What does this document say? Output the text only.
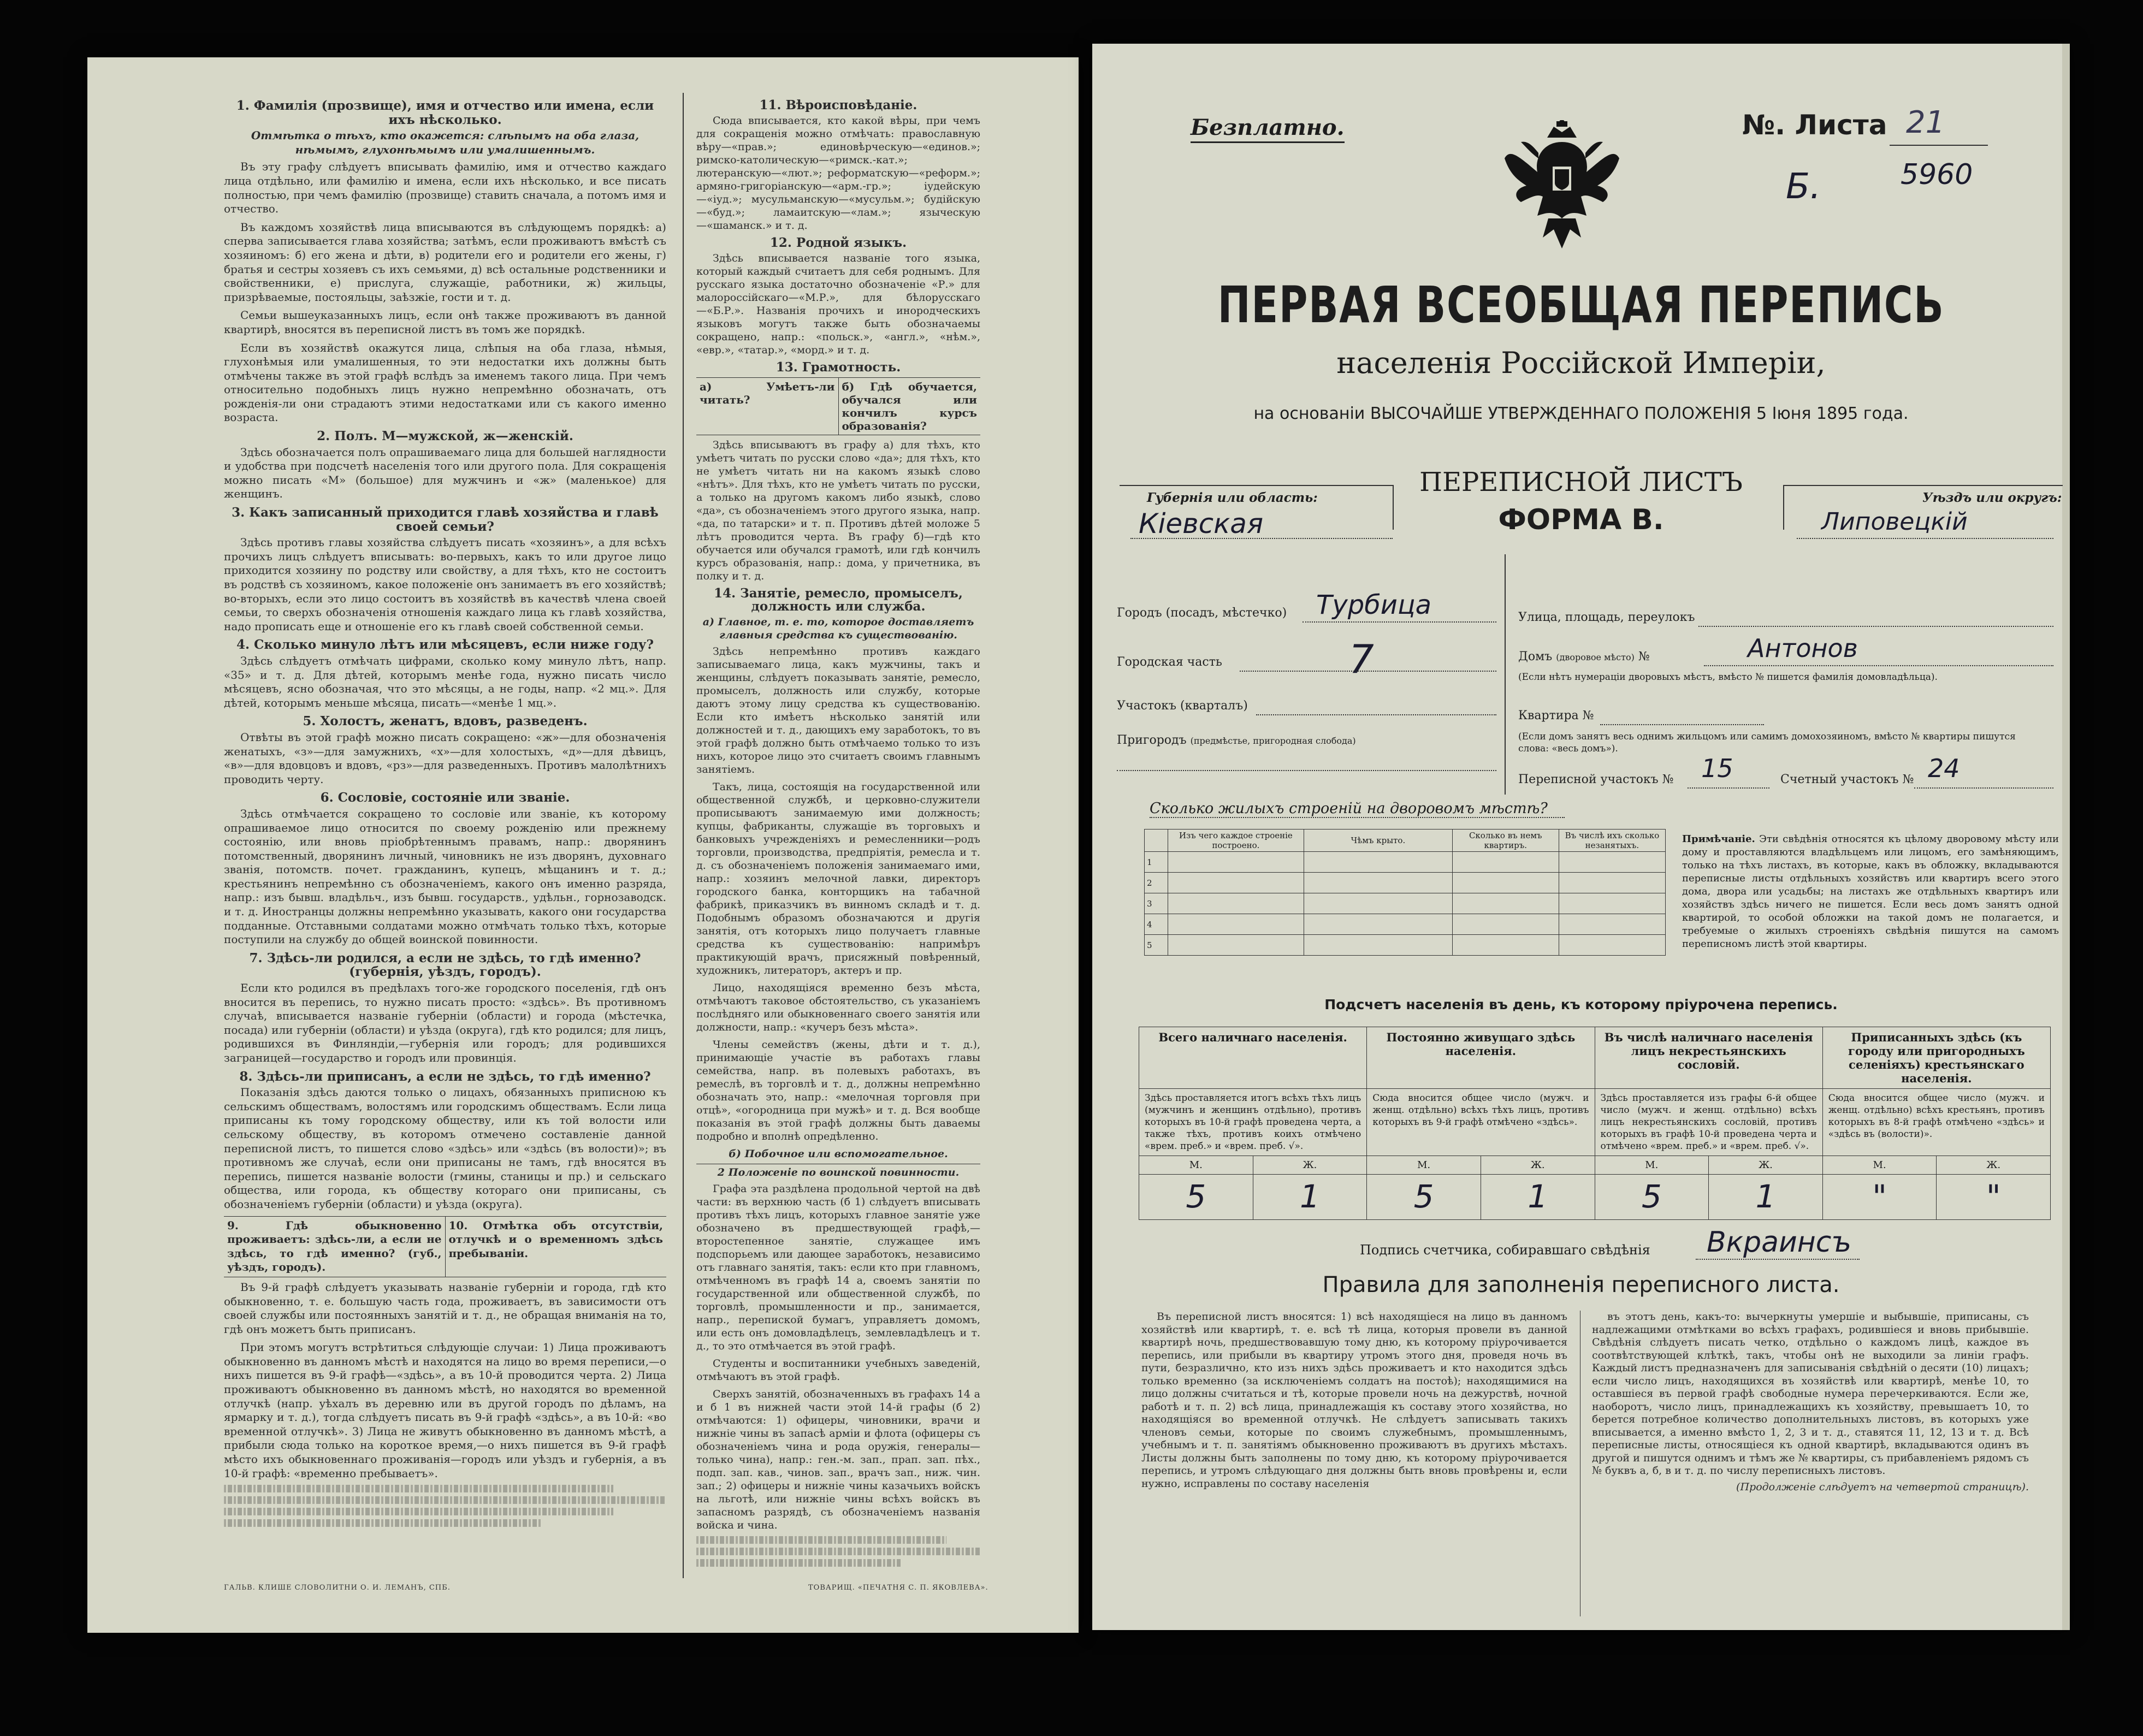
1. Фамилія (прозвище), имя и отчество или имена, если ихъ нѣсколько.
Отмѣтка о тѣхъ, кто окажется: слѣпымъ на оба глаза, нѣмымъ, глухонѣмымъ или умалишеннымъ.

Въ эту графу слѣдуетъ вписывать фамилію, имя и отчество каждаго лица отдѣльно, или фамилію и имена, если ихъ нѣсколько, и все писать полностью, при чемъ фамилію (прозвище) ставить сначала, а потомъ имя и отчество.

Въ каждомъ хозяйствѣ лица вписываются въ слѣдующемъ порядкѣ: а) сперва записывается глава хозяйства; затѣмъ, если проживаютъ вмѣстѣ съ хозяиномъ: б) его жена и дѣти, в) родители его и родители его жены, г) братья и сестры хозяевъ съ ихъ семьями, д) всѣ остальные родственники и свойственники, е) прислуга, служащіе, работники, ж) жильцы, призрѣваемые, постояльцы, заѣзжіе, гости и т. д.

Семьи вышеуказанныхъ лицъ, если онѣ также проживаютъ въ данной квартирѣ, вносятся въ переписной листъ въ томъ же порядкѣ.

Если въ хозяйствѣ окажутся лица, слѣпыя на оба глаза, нѣмыя, глухонѣмыя или умалишенныя, то эти недостатки ихъ должны быть отмѣчены также въ этой графѣ вслѣдъ за именемъ такого лица. При чемъ относительно подобныхъ лицъ нужно непремѣнно обозначать, отъ рожденія-ли они страдаютъ этими недостатками или съ какого именно возраста.

2. Полъ. М—мужской, ж—женскій.

Здѣсь обозначается полъ опрашиваемаго лица для большей наглядности и удобства при подсчетѣ населенія того или другого пола. Для сокращенія можно писать «М» (большое) для мужчинъ и «ж» (маленькое) для женщинъ.

3. Какъ записанный приходится главѣ хозяйства и главѣ своей семьи?

Здѣсь противъ главы хозяйства слѣдуетъ писать «хозяинъ», а для всѣхъ прочихъ лицъ слѣдуетъ вписывать: во-первыхъ, какъ то или другое лицо приходится хозяину по родству или свойству, а для тѣхъ, кто не состоитъ въ родствѣ съ хозяиномъ, какое положеніе онъ занимаетъ въ его хозяйствѣ; во-вторыхъ, если это лицо состоитъ въ хозяйствѣ въ качествѣ члена своей семьи, то сверхъ обозначенія отношенія каждаго лица къ главѣ хозяйства, надо прописать еще и отношеніе его къ главѣ своей собственной семьи.

4. Сколько минуло лѣтъ или мѣсяцевъ, если ниже году?

Здѣсь слѣдуетъ отмѣчать цифрами, сколько кому минуло лѣтъ, напр. «35» и т. д. Для дѣтей, которымъ менѣе года, нужно писать число мѣсяцевъ, ясно обозначая, что это мѣсяцы, а не годы, напр. «2 мц.». Для дѣтей, которымъ меньше мѣсяца, писать—«менѣе 1 мц.».

5. Холостъ, женатъ, вдовъ, разведенъ.

Отвѣты въ этой графѣ можно писать сокращено: «ж»—для обозначенія женатыхъ, «з»—для замужнихъ, «х»—для холостыхъ, «д»—для дѣвицъ, «в»—для вдовцовъ и вдовъ, «рз»—для разведенныхъ. Противъ малолѣтнихъ проводить черту.

6. Сословіе, состояніе или званіе.

Здѣсь отмѣчается сокращено то сословіе или званіе, къ которому опрашиваемое лицо относится по своему рожденію или прежнему состоянію, или вновь пріобрѣтеннымъ правамъ, напр.: дворянинъ потомственный, дворянинъ личный, чиновникъ не изъ дворянъ, духовнаго званія, потомств. почет. гражданинъ, купецъ, мѣщанинъ и т. д.; крестьянинъ непремѣнно съ обозначеніемъ, какого онъ именно разряда, напр.: изъ бывш. владѣльч., изъ бывш. государств., удѣльн., горнозаводск. и т. д. Иностранцы должны непремѣнно указывать, какого они государства подданные. Отставными солдатами можно отмѣчать только тѣхъ, которые поступили на службу до общей воинской повинности.

7. Здѣсь-ли родился, а если не здѣсь, то гдѣ именно? (губернія, уѣздъ, городъ).

Если кто родился въ предѣлахъ того-же городского поселенія, гдѣ онъ вносится въ перепись, то нужно писать просто: «здѣсь». Въ противномъ случаѣ, вписывается названіе губерніи (области) и города (мѣстечка, посада) или губерніи (области) и уѣзда (округа), гдѣ кто родился; для лицъ, родившихся въ Финляндіи,—губернія или городъ; для родившихся заграницей—государство и городъ или провинція.

8. Здѣсь-ли приписанъ, а если не здѣсь, то гдѣ именно?

Показанія здѣсь даются только о лицахъ, обязанныхъ приписною къ сельскимъ обществамъ, волостямъ или городскимъ обществамъ. Если лица приписаны къ тому городскому обществу, или къ той волости или сельскому обществу, въ которомъ отмечено составленіе данной переписной листъ, то пишется слово «здѣсь» или «здѣсь (въ волости)»; въ противномъ же случаѣ, если они приписаны не тамъ, гдѣ вносятся въ перепись, пишется названіе волости (гмины, станицы и пр.) и сельскаго общества, или города, къ обществу котораго они приписаны, съ обозначеніемъ губерніи (области) и уѣзда (округа).

9. Гдѣ обыкновенно проживаетъ: здѣсь-ли, а если не здѣсь, то гдѣ именно? (губ., уѣздъ, городъ).
10. Отмѣтка объ отсутствіи, отлучкѣ и о временномъ здѣсь пребываніи.

Въ 9-й графѣ слѣдуетъ указывать названіе губерніи и города, гдѣ кто обыкновенно, т. е. большую часть года, проживаетъ, въ зависимости отъ своей службы или постоянныхъ занятій и т. д., не обращая вниманія на то, гдѣ онъ можетъ быть приписанъ.

При этомъ могутъ встрѣтиться слѣдующіе случаи: 1) Лица проживаютъ обыкновенно въ данномъ мѣстѣ и находятся на лицо во время переписи,—о нихъ пишется въ 9-й графѣ—«здѣсь», а въ 10-й проводится черта. 2) Лица проживаютъ обыкновенно въ данномъ мѣстѣ, но находятся во временной отлучкѣ (напр. уѣхалъ въ деревню или въ другой городъ по дѣламъ, на ярмарку и т. д.), тогда слѣдуетъ писать въ 9-й графѣ «здѣсь», а въ 10-й: «во временной отлучкѣ». 3) Лица не живутъ обыкновенно въ данномъ мѣстѣ, а прибыли сюда только на короткое время,—о нихъ пишется въ 9-й графѣ мѣсто ихъ обыкновеннаго проживанія—городъ или уѣздъ и губернія, а въ 10-й графѣ: «временно пребываетъ».

ГАЛЬВ. КЛИШЕ СЛОВОЛИТНИ О. И. ЛЕМАНЪ, СПБ.
11. Вѣроисповѣданіе.

Сюда вписывается, кто какой вѣры, при чемъ для сокращенія можно отмѣчать: православную вѣру—«прав.»; единовѣрческую—«единов.»; римско-католическую—«римск.-кат.»; лютеранскую—«лют.»; реформатскую—«реформ.»; армяно-григоріанскую—«арм.-гр.»; іудейскую—«іуд.»; мусульманскую—«мусульм.»; будійскую—«буд.»; ламаитскую—«лам.»; языческую—«шаманск.» и т. д.

12. Родной языкъ.

Здѣсь вписывается названіе того языка, который каждый считаетъ для себя роднымъ. Для русскаго языка достаточно обозначеніе «Р.» для малороссійскаго—«М.Р.», для бѣлорусскаго—«Б.Р.». Названія прочихъ и инородческихъ языковъ могутъ также быть обозначаемы сокращено, напр.: «польск.», «англ.», «нѣм.», «евр.», «татар.», «морд.» и т. д.

13. Грамотность.
а) Умѣетъ-ли читать?
б) Гдѣ обучается, обучался или кончилъ курсъ образованія?

Здѣсь вписываютъ въ графу а) для тѣхъ, кто умѣетъ читать по русски слово «да»; для тѣхъ, кто не умѣетъ читать ни на какомъ языкѣ слово «нѣтъ». Для тѣхъ, кто не умѣетъ читать по русски, а только на другомъ какомъ либо языкѣ, слово «да», съ обозначеніемъ этого другого языка, напр. «да, по татарски» и т. п. Противъ дѣтей моложе 5 лѣтъ проводится черта. Въ графу б)—гдѣ кто обучается или обучался грамотѣ, или гдѣ кончилъ курсъ образованія, напр.: дома, у причетника, въ полку и т. д.

14. Занятіе, ремесло, промыселъ, должность или служба.
а) Главное, т. е. то, которое доставляетъ главныя средства къ существованію.

Здѣсь непремѣнно противъ каждаго записываемаго лица, какъ мужчины, такъ и женщины, слѣдуетъ показывать занятіе, ремесло, промыселъ, должность или службу, которые даютъ этому лицу средства къ существованію. Если кто имѣетъ нѣсколько занятій или должностей и т. д., дающихъ ему заработокъ, то въ этой графѣ должно быть отмѣчаемо только то изъ нихъ, которое лицо это считаетъ своимъ главнымъ занятіемъ.

Такъ, лица, состоящія на государственной или общественной службѣ, и церковно-служители прописываютъ занимаемую ими должность; купцы, фабриканты, служащіе въ торговыхъ и банковыхъ учрежденіяхъ и ремесленники—родъ торговли, производства, предпріятія, ремесла и т. д. съ обозначеніемъ положенія занимаемаго ими, напр.: хозяинъ мелочной лавки, директоръ городского банка, конторщикъ на табачной фабрикѣ, приказчикъ въ винномъ складѣ и т. д. Подобнымъ образомъ обозначаются и другія занятія, отъ которыхъ лицо получаетъ главные средства къ существованію: напримѣръ практикующій врачъ, присяжный повѣренный, художникъ, литераторъ, актеръ и пр.

Лицо, находящіяся временно безъ мѣста, отмѣчаютъ таковое обстоятельство, съ указаніемъ послѣдняго или обыкновеннаго своего занятія или должности, напр.: «кучеръ безъ мѣста».

Члены семействъ (жены, дѣти и т. д.), принимающіе участіе въ работахъ главы семейства, напр. въ полевыхъ работахъ, въ ремеслѣ, въ торговлѣ и т. д., должны непремѣнно обозначать это, напр.: «мелочная торговля при отцѣ», «огородница при мужѣ» и т. д. Вся вообще показанія въ этой графѣ должны быть даваемы подробно и вполнѣ опредѣленно.

б) Побочное или вспомогательное.
2 Положеніе по воинской повинности.

Графа эта раздѣлена продольной чертой на двѣ части: въ верхнюю часть (б 1) слѣдуетъ вписывать противъ тѣхъ лицъ, которыхъ главное занятіе уже обозначено въ предшествующей графѣ,—второстепенное занятіе, служащее имъ подспорьемъ или дающее заработокъ, независимо отъ главнаго занятія, такъ: если кто при главномъ, отмѣченномъ въ графѣ 14 а, своемъ занятіи по государственной или общественной службѣ, по торговлѣ, промышленности и пр., занимается, напр., перепиской бумагъ, управляетъ домомъ, или есть онъ домовладѣлецъ, землевладѣлецъ и т. д., то это отмѣчается въ этой графѣ.

Студенты и воспитанники учебныхъ заведеній, отмѣчаютъ въ этой графѣ.

Сверхъ занятій, обозначенныхъ въ графахъ 14 а и б 1 въ нижней части этой 14-й графы (б 2) отмѣчаются: 1) офицеры, чиновники, врачи и нижніе чины въ запасѣ арміи и флота (офицеры съ обозначеніемъ чина и рода оружія, генералы—только чина), напр.: ген.-м. зап., прап. зап. пѣх., подп. зап. кав., чинов. зап., врачъ зап., ниж. чин. зап.; 2) офицеры и нижніе чины казачьихъ войскъ на льготѣ, или нижніе чины всѣхъ войскъ въ запасномъ разрядѣ, съ обозначеніемъ названія войска и чина.

ТОВАРИЩ. «ПЕЧАТНЯ С. П. ЯКОВЛЕВА».
Безплатно.	№. Листа 21
Б.	5960
ПЕРВАЯ ВСЕОБЩАЯ ПЕРЕПИСЬ
населенія Россійской Имперіи,
на основаніи ВЫСОЧАЙШЕ УТВЕРЖДЕННАГО ПОЛОЖЕНІЯ 5 Іюня 1895 года.
ПЕРЕПИСНОЙ ЛИСТЪ
ФОРМА В.
Губернія или область:
Кіевская
Уѣздъ или округъ:
Липовецкій
Городъ (посадъ, мѣстечко) Турбица
Городская часть	7
Участокъ (кварталъ)
Пригородъ (предмѣстье, пригородная слобода)
Улица, площадь, переулокъ
Домъ (дворовое мѣсто) №	Антонов
(Если нѣтъ нумераціи дворовыхъ мѣстъ, вмѣсто № пишется фамилія домовладѣльца).
Квартира №
(Если домъ занятъ весь однимъ жильцомъ или самимъ домохозяиномъ, вмѣсто № квартиры пишутся слова: «весь домъ»).
Переписной участокъ № 15	Счетный участокъ № 24
Сколько жилыхъ строеній на дворовомъ мѣстѣ?
	Изъ чего каждое строеніе построено.	Чѣмъ крыто.	Сколько въ немъ квартиръ.	Въ числѣ ихъ сколько незанятыхъ.
1				
2				
3				
4				
5				
Примѣчаніе. Эти свѣдѣнія относятся къ цѣлому дворовому мѣсту или дому и проставляются владѣльцемъ или лицомъ, его замѣняющимъ, только на тѣхъ листахъ, въ которые, какъ въ обложку, вкладываются переписные листы отдѣльныхъ хозяйствъ или квартиръ всего этого дома, двора или усадьбы; на листахъ же отдѣльныхъ квартиръ или хозяйствъ здѣсь ничего не пишется. Если весь домъ занятъ одной квартирой, то особой обложки на такой домъ не полагается, и требуемые о жилыхъ строеніяхъ свѣдѣнія пишутся на самомъ переписномъ листѣ этой квартиры.
Подсчетъ населенія въ день, къ которому пріурочена перепись.
Всего наличнаго населенія.		Постоянно живущаго здѣсь населенія.		Въ числѣ наличнаго населенія лицъ некрестьянскихъ сословій.		Приписанныхъ здѣсь (къ городу или пригородныхъ селеніяхъ) крестьянскаго населенія.	
Здѣсь проставляется итогъ всѣхъ тѣхъ лицъ (мужчинъ и женщинъ отдѣльно), противъ которыхъ въ 10-й графѣ проведена черта, а также тѣхъ, противъ коихъ отмѣчено «врем. преб.» и «врем. преб. √».		Сюда вносится общее число (мужч. и женщ. отдѣльно) всѣхъ тѣхъ лицъ, противъ которыхъ въ 9-й графѣ отмѣчено «здѣсь».		Здѣсь проставляется изъ графы 6-й общее число (мужч. и женщ. отдѣльно) всѣхъ лицъ некрестьянскихъ сословій, противъ которыхъ въ графѣ 10-й проведена черта и отмѣчено «врем. преб.» и «врем. преб. √».		Сюда вносится общее число (мужч. и женщ. отдѣльно) всѣхъ крестьянъ, противъ которыхъ въ 8-й графѣ отмѣчено «здѣсь» и «здѣсь въ (волости)».	
М.	Ж.	М.	Ж.	М.	Ж.	М.	Ж.
5	1	5	1	5	1	"	"
Подпись счетчика, собиравшаго свѣдѣнія Вкраинсъ
Правила для заполненія переписного листа.

Въ переписной листъ вносятся: 1) всѣ находящіеся на лицо въ данномъ хозяйствѣ или квартирѣ, т. е. всѣ тѣ лица, которыя провели въ данной квартирѣ ночь, предшествовавшую тому дню, къ которому пріурочивается перепись, или прибыли въ квартиру утромъ этого дня, проведя ночь въ пути, безразлично, кто изъ нихъ здѣсь проживаетъ и кто находится здѣсь только временно (за исключеніемъ солдатъ на постоѣ); находящимися на лицо должны считаться и тѣ, которые провели ночь на дежурствѣ, ночной работѣ и т. п. 2) всѣ лица, принадлежащія къ составу этого хозяйства, но находящіяся во временной отлучкѣ. Не слѣдуетъ записывать такихъ членовъ семьи, которые по своимъ служебнымъ, промышленнымъ, учебнымъ и т. п. занятіямъ обыкновенно проживаютъ въ другихъ мѣстахъ. Листы должны быть заполнены по тому дню, къ которому пріурочивается перепись, и утромъ слѣдующаго дня должны быть вновь провѣрены и, если нужно, исправлены по составу населенія

въ этотъ день, какъ-то: вычеркнуты умершіе и выбывшіе, приписаны, съ надлежащими отмѣтками во всѣхъ графахъ, родившіеся и вновь прибывшіе. Свѣдѣнія слѣдуетъ писать четко, отдѣльно о каждомъ лицѣ, каждое въ соотвѣтствующей клѣткѣ, такъ, чтобы онѣ не выходили за линіи графъ. Каждый листъ предназначенъ для записыванія свѣдѣній о десяти (10) лицахъ; если число лицъ, находящихся въ хозяйствѣ или квартирѣ, менѣе 10, то оставшіеся въ первой графѣ свободные нумера перечеркиваются. Если же, наоборотъ, число лицъ, принадлежащихъ къ хозяйству, превышаетъ 10, то берется потребное количество дополнительныхъ листовъ, въ которыхъ уже вписывается, а именно вмѣсто 1, 2, 3 и т. д., ставятся 11, 12, 13 и т. д. Всѣ переписные листы, относящіеся къ одной квартирѣ, вкладываются одинъ въ другой и пишутся однимъ и тѣмъ же № квартиры, съ прибавленіемъ рядомъ съ № буквъ а, б, в и т. д. по числу переписныхъ листовъ.

(Продолженіе слѣдуетъ на четвертой страницѣ).
